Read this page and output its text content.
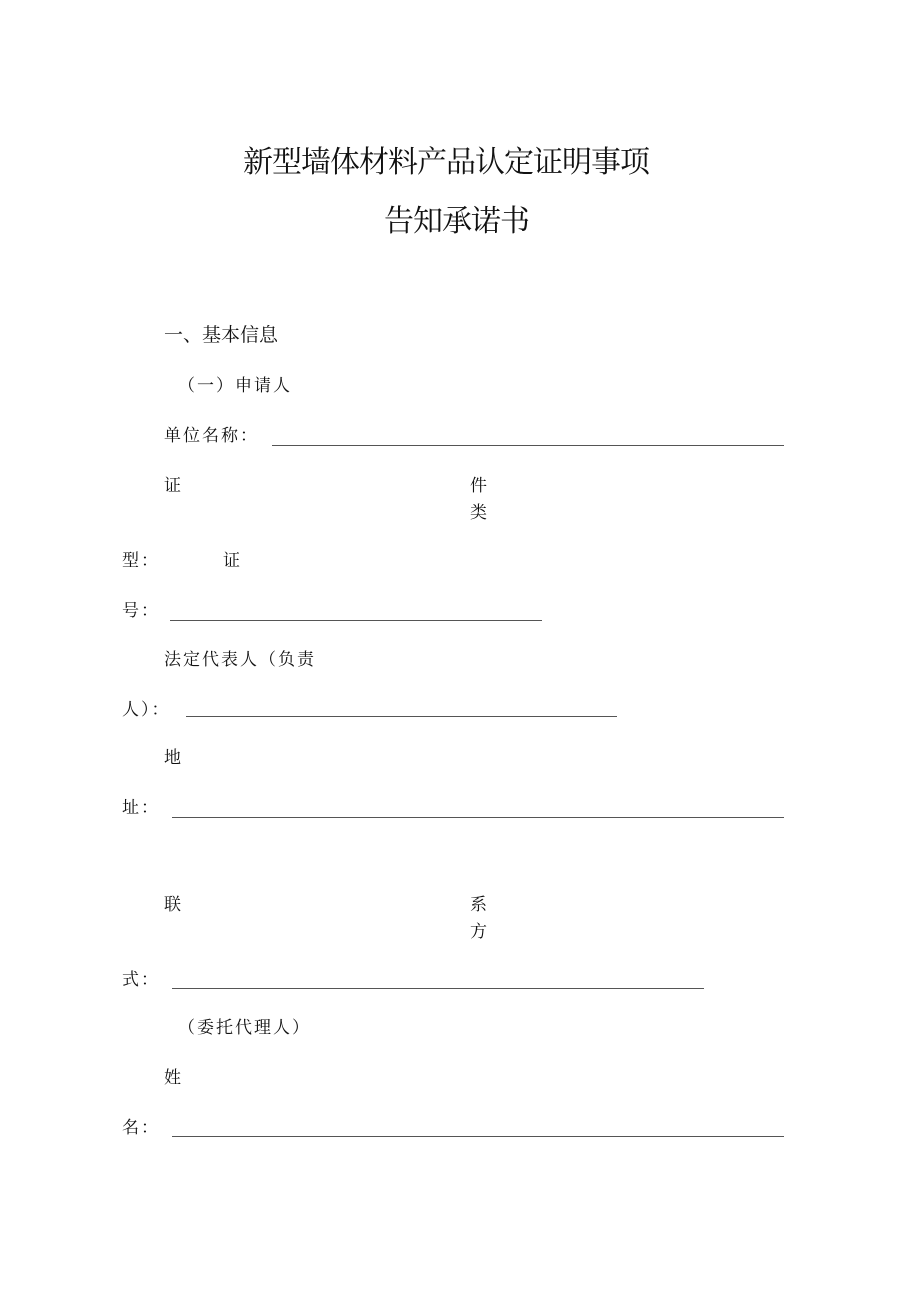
新型墙体材料产品认定证明事项
告知承诺书
一、基本信息
（一）申请人
单位名称：
证	件
类
型：	证
号：
法定代表人（负责
人）：
地
址：
联	系
方
式：
（委托代理人）
姓
名：
